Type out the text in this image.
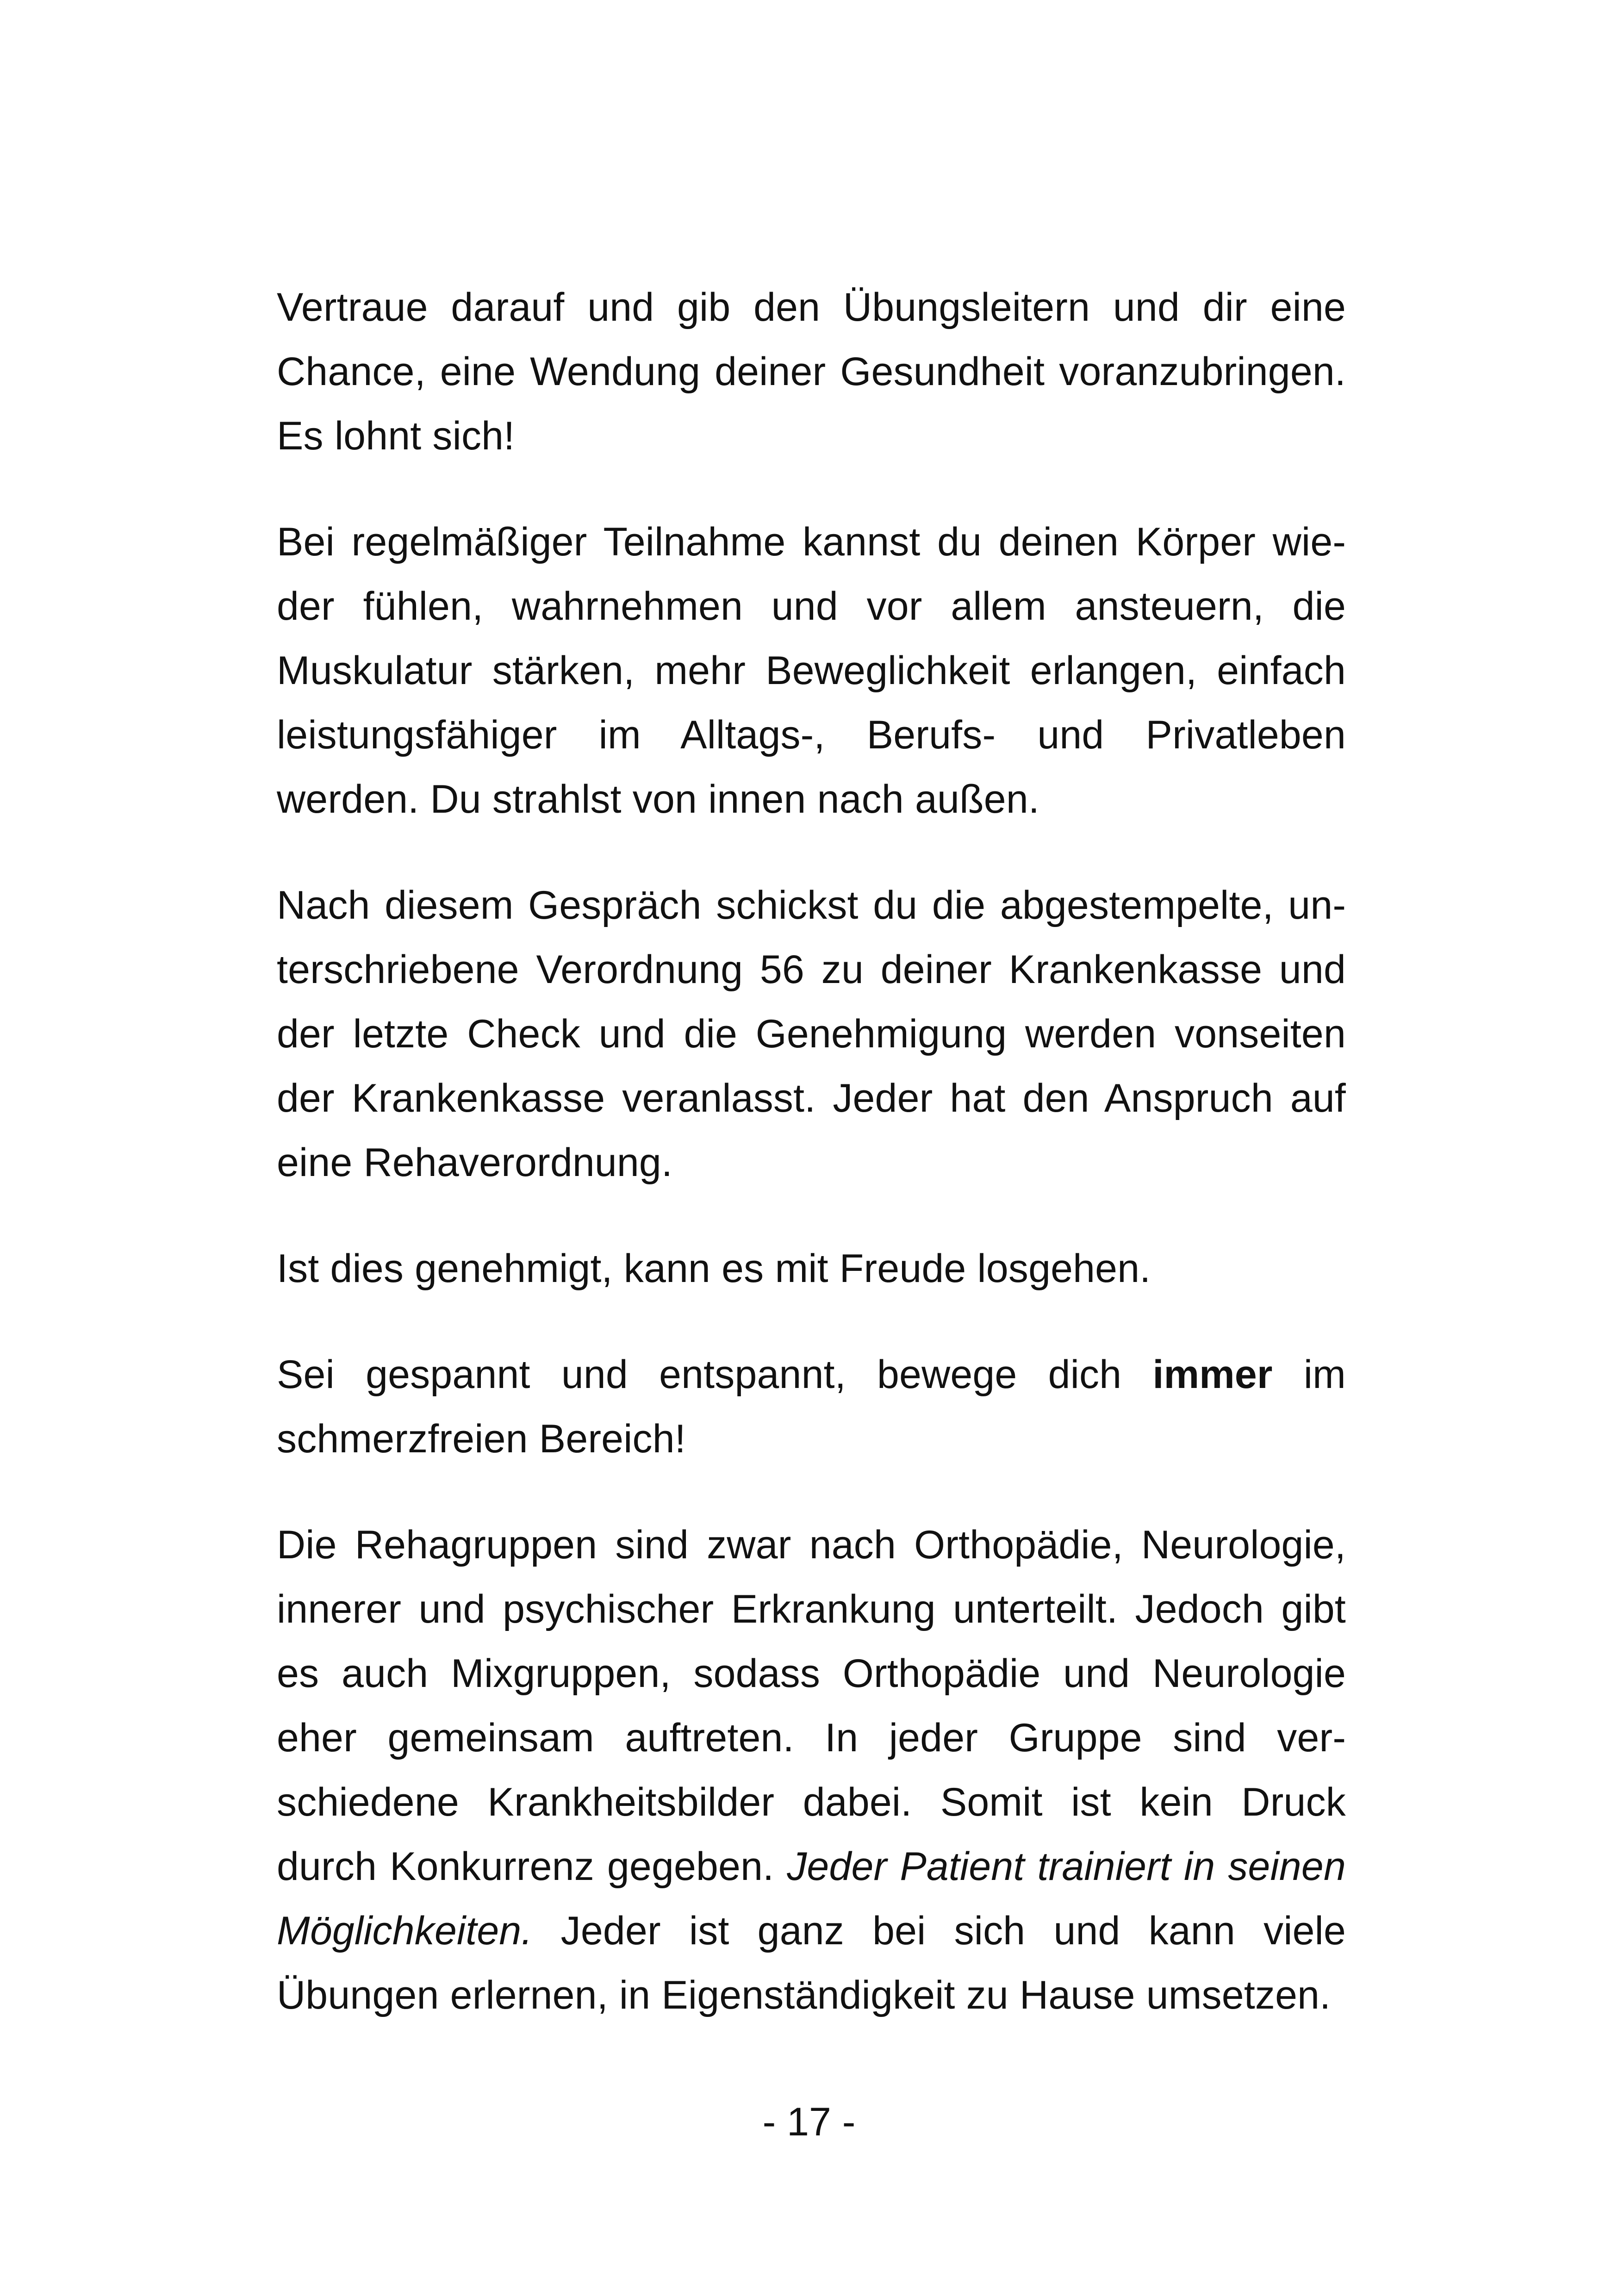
Vertraue darauf und gib den Übungsleitern und dir eine Chance, eine Wendung deiner Gesundheit voranzubringen. Es lohnt sich!

Bei regelmäßiger Teilnahme kannst du deinen Körper wieder fühlen, wahrnehmen und vor allem ansteuern, die Muskulatur stärken, mehr Beweglichkeit erlangen, einfach leistungsfähiger im Alltags-, Berufs- und Privatleben werden. Du strahlst von innen nach außen.

Nach diesem Gespräch schickst du die abgestempelte, unterschriebene Verordnung 56 zu deiner Krankenkasse und der letzte Check und die Genehmigung werden vonseiten der Krankenkasse veranlasst. Jeder hat den Anspruch auf eine Rehaverordnung.

Ist dies genehmigt, kann es mit Freude losgehen.

Sei gespannt und entspannt, bewege dich immer im schmerzfreien Bereich!

Die Rehagruppen sind zwar nach Orthopädie, Neurologie, innerer und psychischer Erkrankung unterteilt. Jedoch gibt es auch Mixgruppen, sodass Orthopädie und Neurologie eher gemeinsam auftreten. In jeder Gruppe sind verschiedene Krankheitsbilder dabei. Somit ist kein Druck durch Konkurrenz gegeben. Jeder Patient trainiert in seinen Möglichkeiten. Jeder ist ganz bei sich und kann viele Übungen erlernen, in Eigenständigkeit zu Hause umsetzen.

- 17 -
